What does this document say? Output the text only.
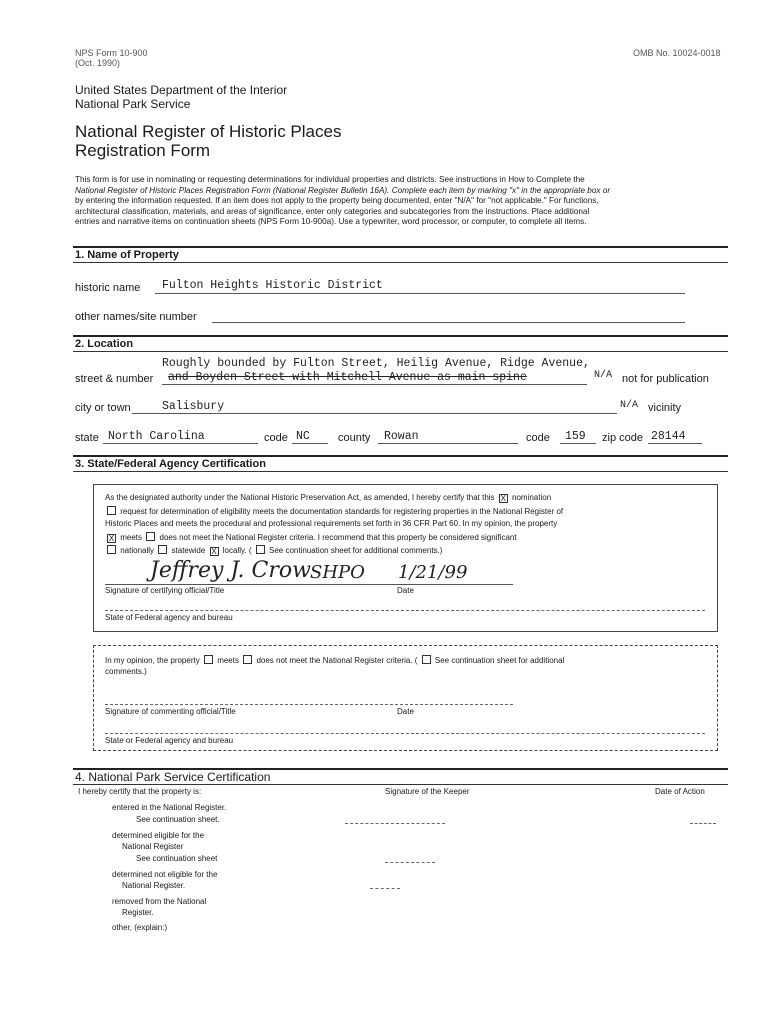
NPS Form 10-900
(Oct. 1990)
OMB No. 10024-0018
United States Department of the Interior
National Park Service
National Register of Historic Places
Registration Form
This form is for use in nominating or requesting determinations for individual properties and districts. See instructions in How to Complete the
National Register of Historic Places Registration Form (National Register Bulletin 16A). Complete each item by marking "x" in the appropriate box or
by entering the information requested. If an item does not apply to the property being documented, enter "N/A" for "not applicable." For functions,
architectural classification, materials, and areas of significance, enter only categories and subcategories from the instructions. Place additional
entries and narrative items on continuation sheets (NPS Form 10-900a). Use a typewriter, word processor, or computer, to complete all items.
1. Name of Property
historic name Fulton Heights Historic District
other names/site number
2. Location
Roughly bounded by Fulton Street, Heilig Avenue, Ridge Avenue,
street & number and Boyden Street with Mitchell Avenue as main spine	N/A not for publication
city or town	Salisbury	N/A vicinity
state North Carolina	code NC	county Rowan	code 159 zip code 28144
3. State/Federal Agency Certification
As the designated authority under the National Historic Preservation Act, as amended, I hereby certify that this X nomination
request for determination of eligibility meets the documentation standards for registering properties in the National Register of
Historic Places and meets the procedural and professional requirements set forth in 36 CFR Part 60. In my opinion, the property
X meets does not meet the National Register criteria. I recommend that this property be considered significant
nationally statewide X locally. ( See continuation sheet for additional comments.)
Jeffrey J. Crow SHPO 1/21/99
Signature of certifying official/Title	Date
State of Federal agency and bureau
In my opinion, the property meets does not meet the National Register criteria. ( See continuation sheet for additional
comments.)
Signature of commenting official/Title	Date
State or Federal agency and bureau
4. National Park Service Certification
I hereby certify that the property is:	Signature of the Keeper	Date of Action
entered in the National Register.
See continuation sheet.
determined eligible for the
National Register
See continuation sheet
determined not eligible for the
National Register.
removed from the National
Register.
other, (explain:)
